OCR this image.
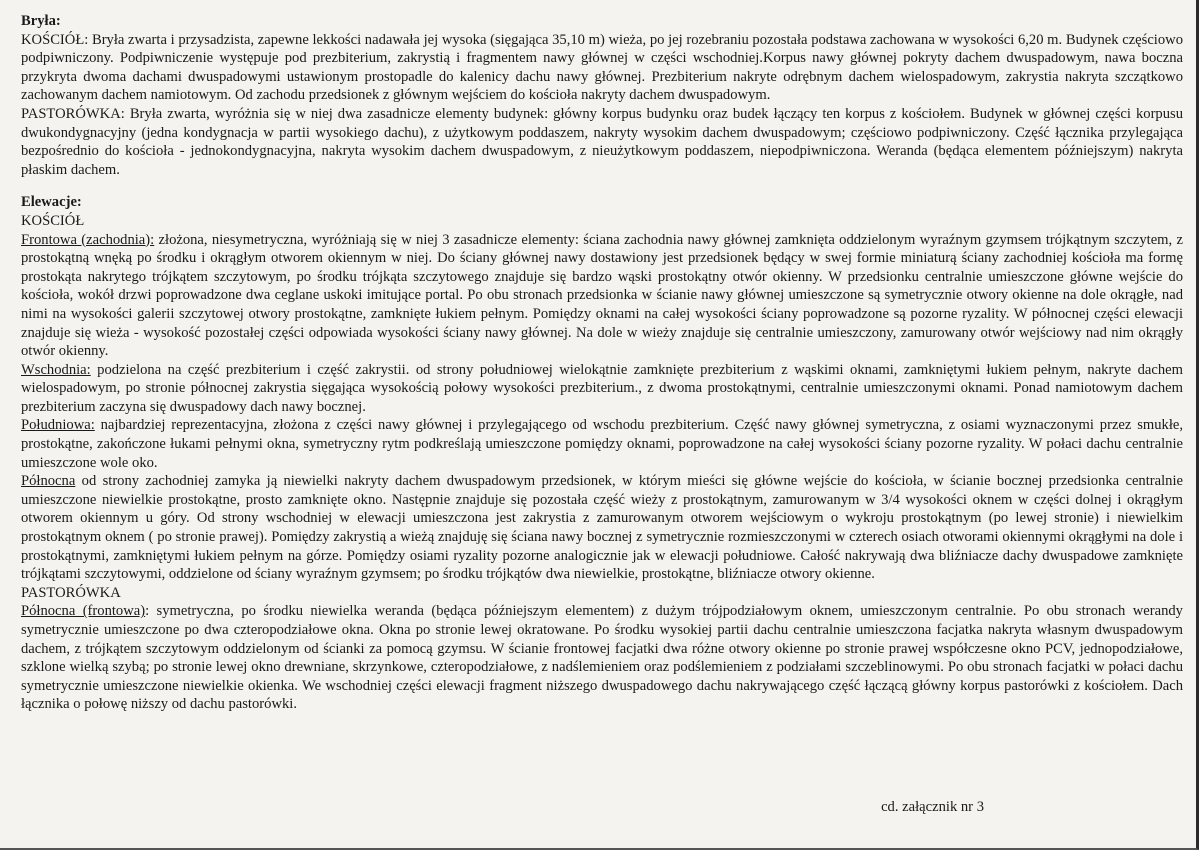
Bryła:

KOŚCIÓŁ: Bryła zwarta i przysadzista, zapewne lekkości nadawała jej wysoka (sięgająca 35,10 m) wieża, po jej rozebraniu pozostała podstawa zachowana w wysokości 6,20 m. Budynek częściowo podpiwniczony. Podpiwniczenie występuje pod prezbiterium, zakrystią i fragmentem nawy głównej w części wschodniej.Korpus nawy głównej pokryty dachem dwuspadowym, nawa boczna przykryta dwoma dachami dwuspadowymi ustawionym prostopadle do kalenicy dachu nawy głównej. Prezbiterium nakryte odrębnym dachem wielospadowym, zakrystia nakryta szczątkowo zachowanym dachem namiotowym. Od zachodu przedsionek z głównym wejściem do kościoła nakryty dachem dwuspadowym.

PASTORÓWKA: Bryła zwarta, wyróżnia się w niej dwa zasadnicze elementy budynek: główny korpus budynku oraz budek łączący ten korpus z kościołem. Budynek w głównej części korpusu dwukondygnacyjny (jedna kondygnacja w partii wysokiego dachu), z użytkowym poddaszem, nakryty wysokim dachem dwuspadowym; częściowo podpiwniczony. Część łącznika przylegająca bezpośrednio do kościoła - jednokondygnacyjna, nakryta wysokim dachem dwuspadowym, z nieużytkowym poddaszem, niepodpiwniczona. Weranda (będąca elementem późniejszym) nakryta płaskim dachem.

Elewacje:

KOŚCIÓŁ

Frontowa (zachodnia): złożona, niesymetryczna, wyróżniają się w niej 3 zasadnicze elementy: ściana zachodnia nawy głównej zamknięta oddzielonym wyraźnym gzymsem trójkątnym szczytem, z prostokątną wnęką po środku i okrągłym otworem okiennym w niej. Do ściany głównej nawy dostawiony jest przedsionek będący w swej formie miniaturą ściany zachodniej kościoła ma formę prostokąta nakrytego trójkątem szczytowym, po środku trójkąta szczytowego znajduje się bardzo wąski prostokątny otwór okienny. W przedsionku centralnie umieszczone główne wejście do kościoła, wokół drzwi poprowadzone dwa ceglane uskoki imitujące portal. Po obu stronach przedsionka w ścianie nawy głównej umieszczone są symetrycznie otwory okienne na dole okrągłe, nad nimi na wysokości galerii szczytowej otwory prostokątne, zamknięte łukiem pełnym. Pomiędzy oknami na całej wysokości ściany poprowadzone są pozorne ryzality. W północnej części elewacji znajduje się wieża - wysokość pozostałej części odpowiada wysokości ściany nawy głównej. Na dole w wieży znajduje się centralnie umieszczony, zamurowany otwór wejściowy nad nim okrągły otwór okienny.

Wschodnia: podzielona na część prezbiterium i część zakrystii. od strony południowej wielokątnie zamknięte prezbiterium z wąskimi oknami, zamkniętymi łukiem pełnym, nakryte dachem wielospadowym, po stronie północnej zakrystia sięgająca wysokością połowy wysokości prezbiterium., z dwoma prostokątnymi, centralnie umieszczonymi oknami. Ponad namiotowym dachem prezbiterium zaczyna się dwuspadowy dach nawy bocznej.

Południowa: najbardziej reprezentacyjna, złożona z części nawy głównej i przylegającego od wschodu prezbiterium. Część nawy głównej symetryczna, z osiami wyznaczonymi przez smukłe, prostokątne, zakończone łukami pełnymi okna, symetryczny rytm podkreślają umieszczone pomiędzy oknami, poprowadzone na całej wysokości ściany pozorne ryzality. W połaci dachu centralnie umieszczone wole oko.

Północna od strony zachodniej zamyka ją niewielki nakryty dachem dwuspadowym przedsionek, w którym mieści się główne wejście do kościoła, w ścianie bocznej przedsionka centralnie umieszczone niewielkie prostokątne, prosto zamknięte okno. Następnie znajduje się pozostała część wieży z prostokątnym, zamurowanym w 3/4 wysokości oknem w części dolnej i okrągłym otworem okiennym u góry. Od strony wschodniej w elewacji umieszczona jest zakrystia z zamurowanym otworem wejściowym o wykroju prostokątnym (po lewej stronie) i niewielkim prostokątnym oknem ( po stronie prawej). Pomiędzy zakrystią a wieżą znajduję się ściana nawy bocznej z symetrycznie rozmieszczonymi w czterech osiach otworami okiennymi okrągłymi na dole i prostokątnymi, zamkniętymi łukiem pełnym na górze. Pomiędzy osiami ryzality pozorne analogicznie jak w elewacji południowe. Całość nakrywają dwa bliźniacze dachy dwuspadowe zamknięte trójkątami szczytowymi, oddzielone od ściany wyraźnym gzymsem; po środku trójkątów dwa niewielkie, prostokątne, bliźniacze otwory okienne.

PASTORÓWKA

Północna (frontowa): symetryczna, po środku niewielka weranda (będąca późniejszym elementem) z dużym trójpodziałowym oknem, umieszczonym centralnie. Po obu stronach werandy symetrycznie umieszczone po dwa czteropodziałowe okna. Okna po stronie lewej okratowane. Po środku wysokiej partii dachu centralnie umieszczona facjatka nakryta własnym dwuspadowym dachem, z trójkątem szczytowym oddzielonym od ścianki za pomocą gzymsu. W ścianie frontowej facjatki dwa różne otwory okienne po stronie prawej współczesne okno PCV, jednopodziałowe, szklone wielką szybą; po stronie lewej okno drewniane, skrzynkowe, czteropodziałowe, z nadślemieniem oraz podślemieniem z podziałami szczeblinowymi. Po obu stronach facjatki w połaci dachu symetrycznie umieszczone niewielkie okienka. We wschodniej części elewacji fragment niższego dwuspadowego dachu nakrywającego część łączącą główny korpus pastorówki z kościołem. Dach łącznika o połowę niższy od dachu pastorówki.

cd. załącznik nr 3
